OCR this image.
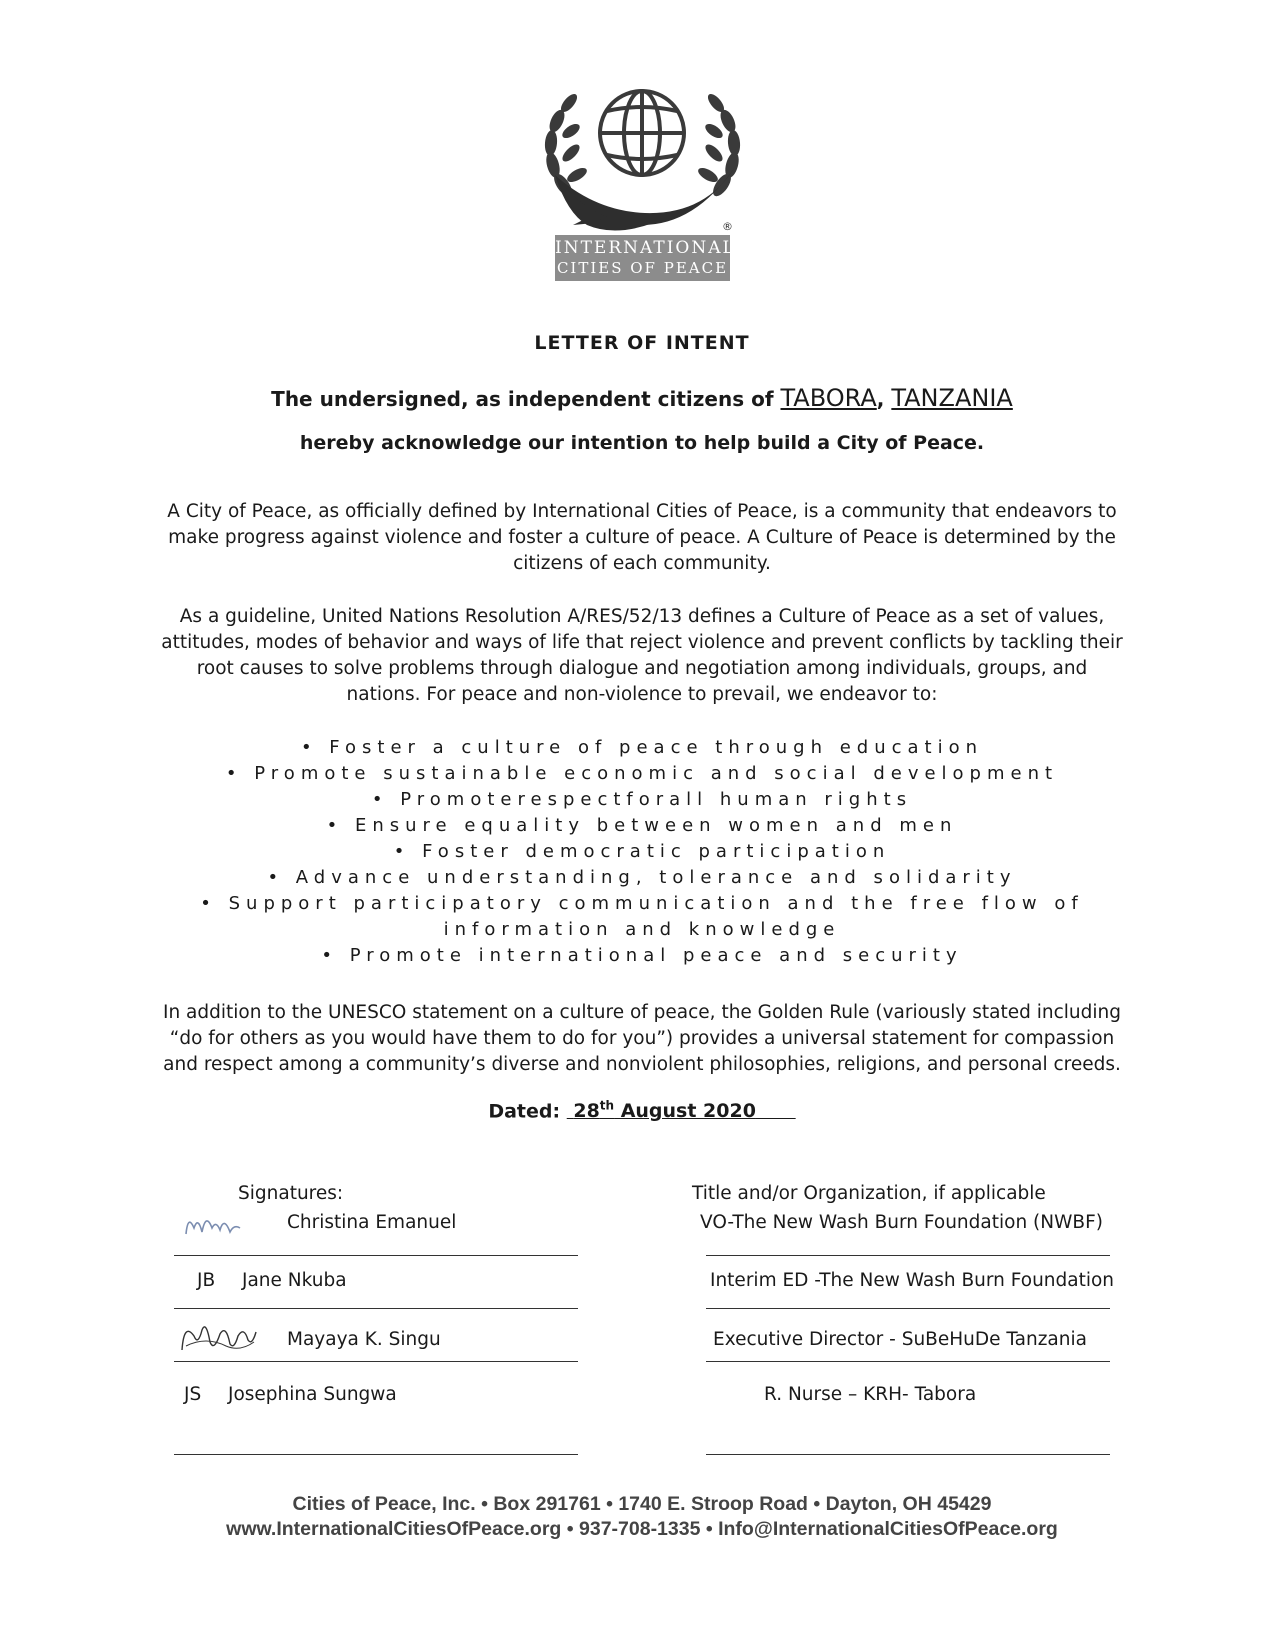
®
INTERNATIONAL
CITIES OF PEACE
LETTER OF INTENT
The undersigned, as independent citizens of TABORA, TANZANIA
hereby acknowledge our intention to help build a City of Peace.
A City of Peace, as officially defined by International Cities of Peace, is a community that endeavors to make progress against violence and foster a culture of peace. A Culture of Peace is determined by the citizens of each community.
As a guideline, United Nations Resolution A/RES/52/13 defines a Culture of Peace as a set of values, attitudes, modes of behavior and ways of life that reject violence and prevent conflicts by tackling their root causes to solve problems through dialogue and negotiation among individuals, groups, and nations. For peace and non-violence to prevail, we endeavor to:
• Foster a culture of peace through education
• Promote sustainable economic and social development
• Promoterespectforall human rights
• Ensure equality between women and men
• Foster democratic participation
• Advance understanding, tolerance and solidarity
• Support participatory communication and the free flow of information and knowledge
• Promote international peace and security
In addition to the UNESCO statement on a culture of peace, the Golden Rule (variously stated including “do for others as you would have them to do for you”) provides a universal statement for compassion and respect among a community’s diverse and nonviolent philosophies, religions, and personal creeds.
Dated: 28th August 2020
Signatures:	Title and/or Organization, if applicable
Christina Emanuel	VO-The New Wash Burn Foundation (NWBF)
JB Jane Nkuba	Interim ED -The New Wash Burn Foundation
Mayaya K. Singu	Executive Director - SuBeHuDe Tanzania
JS Josephina Sungwa	R. Nurse – KRH- Tabora
Cities of Peace, Inc. • Box 291761 • 1740 E. Stroop Road • Dayton, OH 45429
www.InternationalCitiesOfPeace.org • 937-708-1335 • Info@InternationalCitiesOfPeace.org
